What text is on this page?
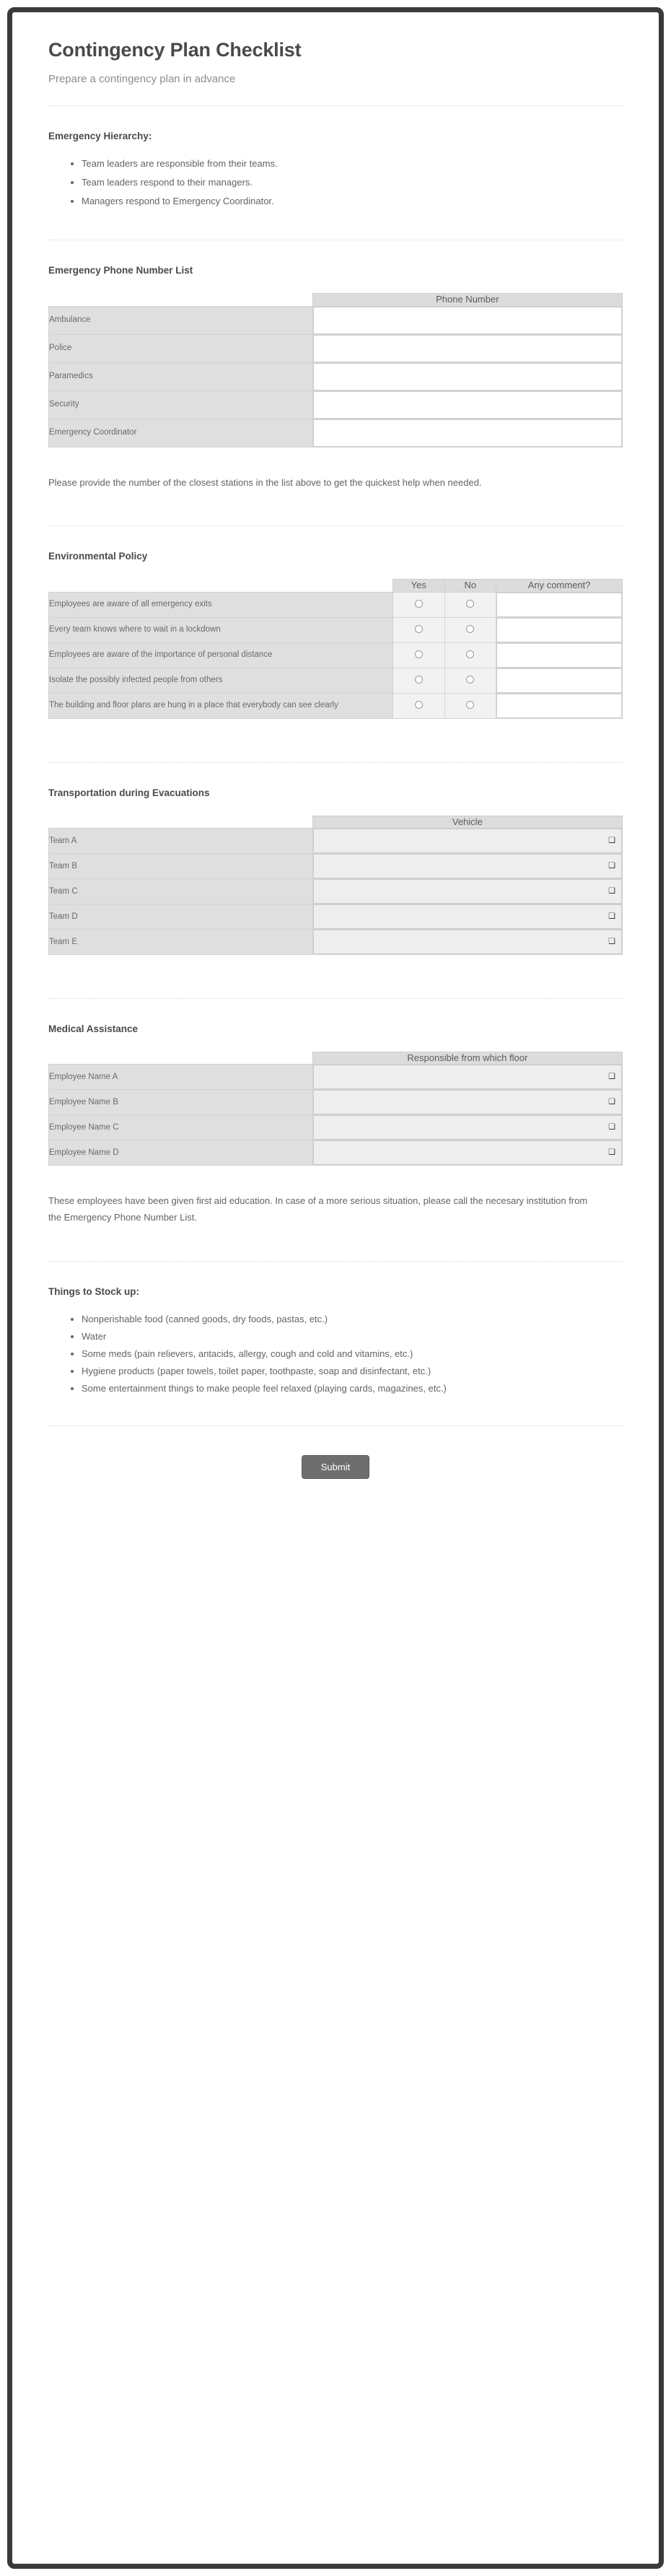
Contingency Plan Checklist

Prepare a contingency plan in advance

Emergency Hierarchy:
• Team leaders are responsible from their teams.
• Team leaders respond to their managers.
• Managers respond to Emergency Coordinator.
Emergency Phone Number List
	Phone Number
Ambulance	
Police	
Paramedics	
Security	
Emergency Coordinator	

Please provide the number of the closest stations in the list above to get the quickest help when needed.

Environmental Policy
	Yes	No	Any comment?
Employees are aware of all emergency exits			
Every team knows where to wait in a lockdown			
Employees are aware of the importance of personal distance			
Isolate the possibly infected people from others			
The building and floor plans are hung in a place that everybody can see clearly			
Transportation during Evacuations
	Vehicle
Team A	❏

Team B	❏

Team C	❏

Team D	❏

Team E	❏
Medical Assistance
	Responsible from which floor
Employee Name A	❏

Employee Name B	❏

Employee Name C	❏

Employee Name D	❏

These employees have been given first aid education. In case of a more serious situation, please call the necesary institution from the Emergency Phone Number List.

Things to Stock up:
• Nonperishable food (canned goods, dry foods, pastas, etc.)
• Water
• Some meds (pain relievers, antacids, allergy, cough and cold and vitamins, etc.)
• Hygiene products (paper towels, toilet paper, toothpaste, soap and disinfectant, etc.)
• Some entertainment things to make people feel relaxed (playing cards, magazines, etc.)
Submit
